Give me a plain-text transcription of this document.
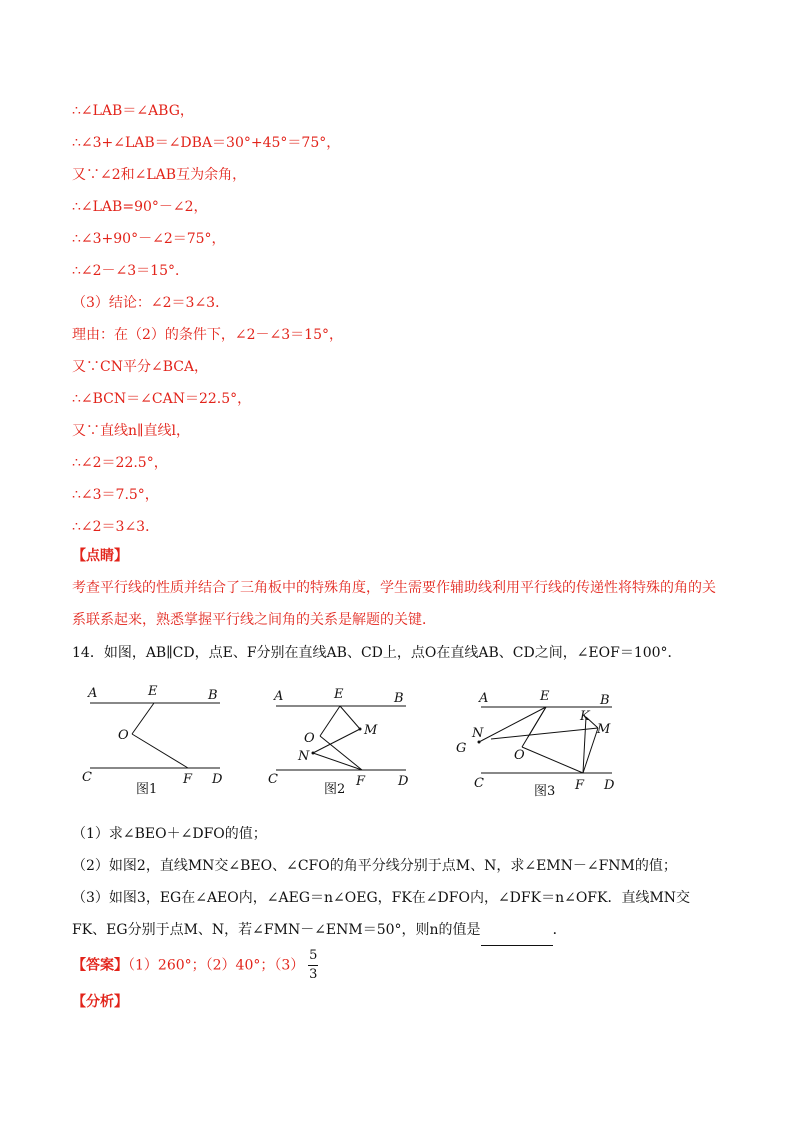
∴∠LAB＝∠ABG，
∴∠3+∠LAB＝∠DBA＝30°+45°＝75°，
又∵∠2和∠LAB互为余角，
∴∠LAB=90°－∠2，
∴∠3+90°－∠2＝75°，
∴∠2－∠3＝15°．
（3）结论：∠2＝3∠3．
理由：在（2）的条件下，∠2－∠3＝15°，
又∵CN平分∠BCA，
∴∠BCN＝∠CAN＝22.5°，
又∵直线n∥直线l，
∴∠2＝22.5°，
∴∠3＝7.5°，
∴∠2＝3∠3．
【点睛】
考查平行线的性质并结合了三角板中的特殊角度，学生需要作辅助线利用平行线的传递性将特殊的角的关系联系起来，熟悉掌握平行线之间角的关系是解题的关键．
14．如图，AB∥CD，点E、F分别在直线AB、CD上，点O在直线AB、CD之间，∠EOF＝100°．
A	E	B
O
C	F D
图1
A	E	B
O
M
N
C	F	D
图2
A	E	B
K
N	M
G	O
C	F D
图3
（1）求∠BEO＋∠DFO的值；
（2）如图2，直线MN交∠BEO、∠CFO的角平分线分别于点M、N，求∠EMN－∠FNM的值；
（3）如图3，EG在∠AEO内，∠AEG＝n∠OEG，FK在∠DFO内，∠DFK＝n∠OFK．直线MN交FK、EG分别于点M、N，若∠FMN－∠ENM＝50°，则n的值是	．
【答案】（1）260°；（2）40°；$(3) \frac{5}{3}$
【分析】
